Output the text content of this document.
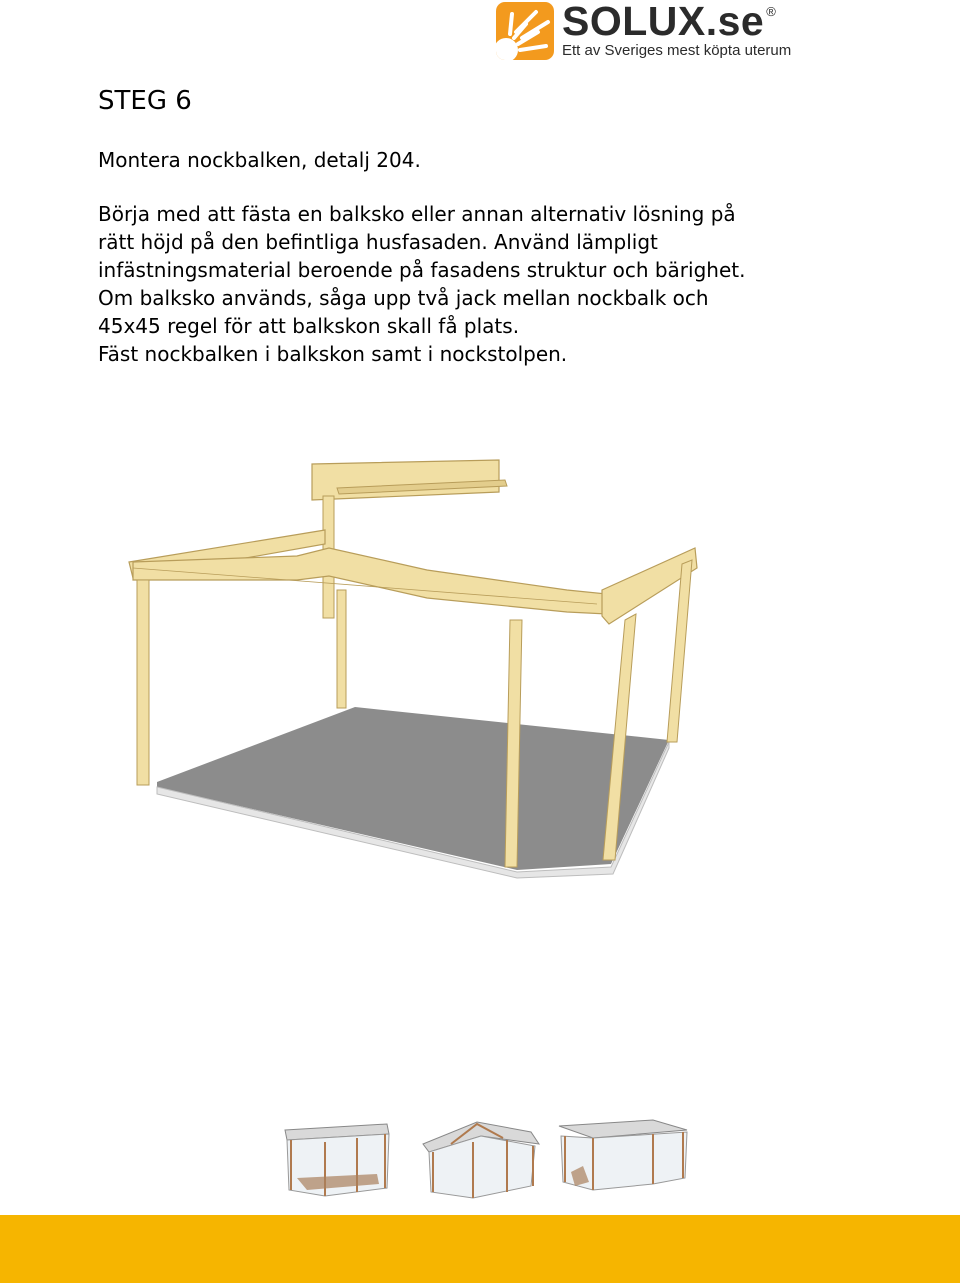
SOLUX.se ®
Ett av Sveriges mest köpta uterum
STEG 6

Montera nockbalken, detalj 204.

Börja med att fästa en balksko eller annan alternativ lösning på
rätt höjd på den befintliga husfasaden. Använd lämpligt
infästningsmaterial beroende på fasadens struktur och bärighet.
Om balksko används, såga upp två jack mellan nockbalk och
45x45 regel för att balkskon skall få plats.
Fäst nockbalken i balkskon samt i nockstolpen.
